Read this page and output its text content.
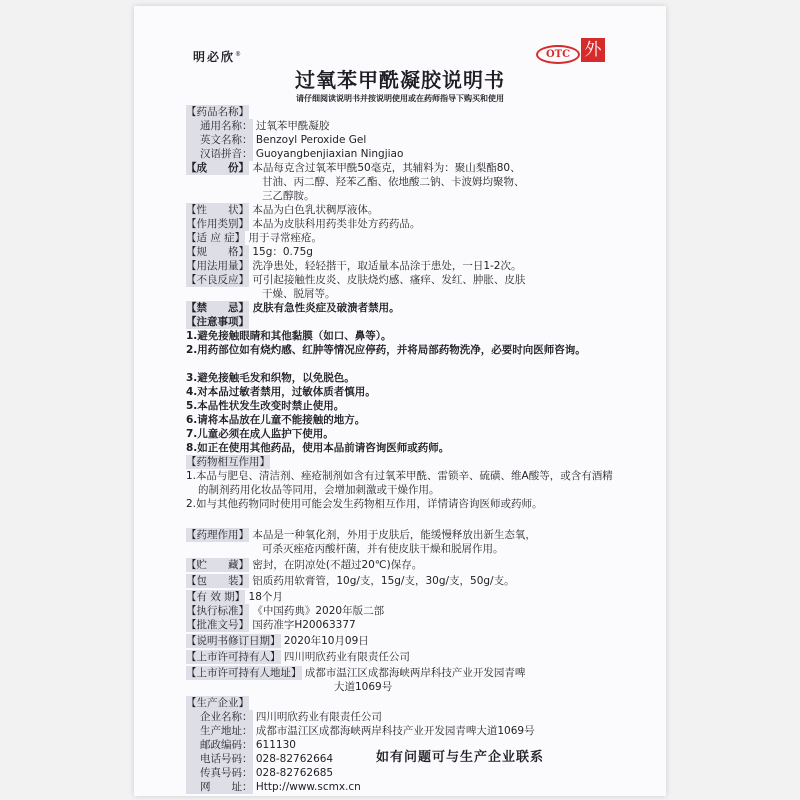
明必欣®	OTC 外
过氧苯甲酰凝胶说明书
请仔细阅读说明书并按说明使用或在药师指导下购买和使用
【药品名称】
通用名称： 过氧苯甲酰凝胶
英文名称： Benzoyl Peroxide Gel
汉语拼音： Guoyangbenjiaxian Ningjiao
【成　　份】 本品每克含过氧苯甲酰50毫克，其辅料为：聚山梨酯80、
甘油、丙二醇、羟苯乙酯、依地酸二钠、卡波姆均聚物、
三乙醇胺。
【性　　状】 本品为白色乳状稠厚液体。
【作用类别】 本品为皮肤科用药类非处方药药品。
【适 应 症】 用于寻常痤疮。
【规　　格】 15g：0.75g
【用法用量】 洗净患处，轻轻揩干，取适量本品涂于患处，一日1-2次。
【不良反应】 可引起接触性皮炎、皮肤烧灼感、瘙痒、发红、肿胀、皮肤
干燥、脱屑等。
【禁　　忌】 皮肤有急性炎症及破溃者禁用。
【注意事项】
1.避免接触眼睛和其他黏膜（如口、鼻等）。
2.用药部位如有烧灼感、红肿等情况应停药，并将局部药物洗净，必要时向医师咨询。
3.避免接触毛发和织物，以免脱色。
4.对本品过敏者禁用，过敏体质者慎用。
5.本品性状发生改变时禁止使用。
6.请将本品放在儿童不能接触的地方。
7.儿童必须在成人监护下使用。
8.如正在使用其他药品，使用本品前请咨询医师或药师。
【药物相互作用】
1.本品与肥皂、清洁剂、痤疮制剂如含有过氧苯甲酰、雷锁辛、硫磺、维A酸等，或含有酒精的制剂药用化妆品等同用，会增加刺激或干燥作用。
2.如与其他药物同时使用可能会发生药物相互作用，详情请咨询医师或药师。
【药理作用】 本品是一种氧化剂，外用于皮肤后，能缓慢释放出新生态氧，
可杀灭痤疮丙酸杆菌，并有使皮肤干燥和脱屑作用。
【贮　　藏】 密封，在阴凉处(不超过20℃)保存。
【包　　装】 铝质药用软膏管，10g/支，15g/支，30g/支，50g/支。
【有 效 期】 18个月
【执行标准】 《中国药典》2020年版二部
【批准文号】 国药准字H20063377
【说明书修订日期】 2020年10月09日
【上市许可持有人】 四川明欣药业有限责任公司
【上市许可持有人地址】 成都市温江区成都海峡两岸科技产业开发园青啤
大道1069号
【生产企业】
企业名称： 四川明欣药业有限责任公司
生产地址： 成都市温江区成都海峡两岸科技产业开发园青啤大道1069号
邮政编码： 611130
电话号码： 028-82762664
传真号码： 028-82762685
网　　址： Http://www.scmx.cn
如有问题可与生产企业联系
